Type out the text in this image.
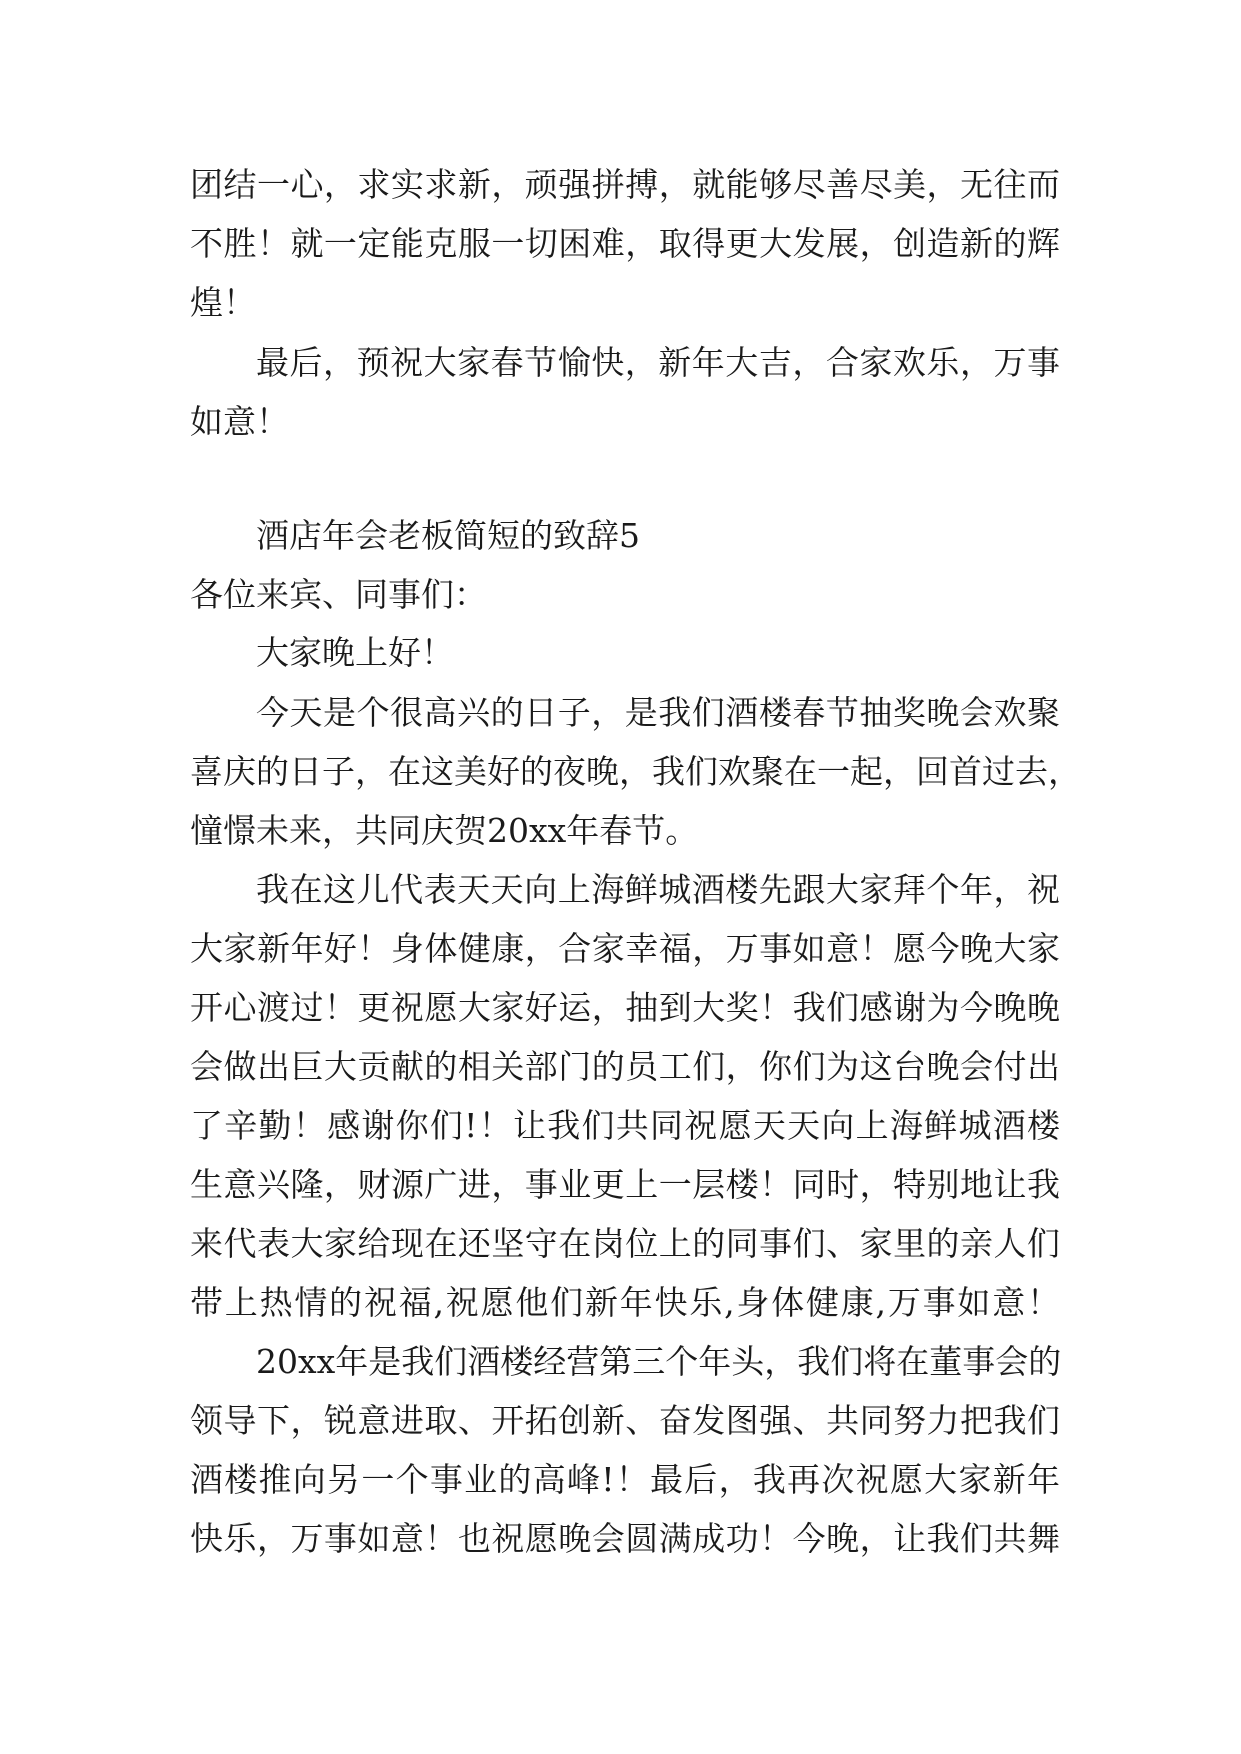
团结一心，求实求新，顽强拼搏，就能够尽善尽美，无往而
不胜！就一定能克服一切困难，取得更大发展，创造新的辉
煌！
最后，预祝大家春节愉快，新年大吉，合家欢乐，万事
如意！
酒店年会老板简短的致辞5
各位来宾、同事们：
大家晚上好！
今天是个很高兴的日子，是我们酒楼春节抽奖晚会欢聚
喜庆的日子，在这美好的夜晚，我们欢聚在一起，回首过去，
憧憬未来，共同庆贺20xx年春节。
我在这儿代表天天向上海鲜城酒楼先跟大家拜个年，祝
大家新年好！身体健康，合家幸福，万事如意！愿今晚大家
开心渡过！更祝愿大家好运，抽到大奖！我们感谢为今晚晚
会做出巨大贡献的相关部门的员工们，你们为这台晚会付出
了辛勤！感谢你们!！让我们共同祝愿天天向上海鲜城酒楼
生意兴隆，财源广进，事业更上一层楼！同时，特别地让我
来代表大家给现在还坚守在岗位上的同事们、家里的亲人们
带上热情的祝福,祝愿他们新年快乐,身体健康,万事如意！
20xx年是我们酒楼经营第三个年头，我们将在董事会的
领导下，锐意进取、开拓创新、奋发图强、共同努力把我们
酒楼推向另一个事业的高峰!！最后，我再次祝愿大家新年
快乐，万事如意！也祝愿晚会圆满成功！今晚，让我们共舞
